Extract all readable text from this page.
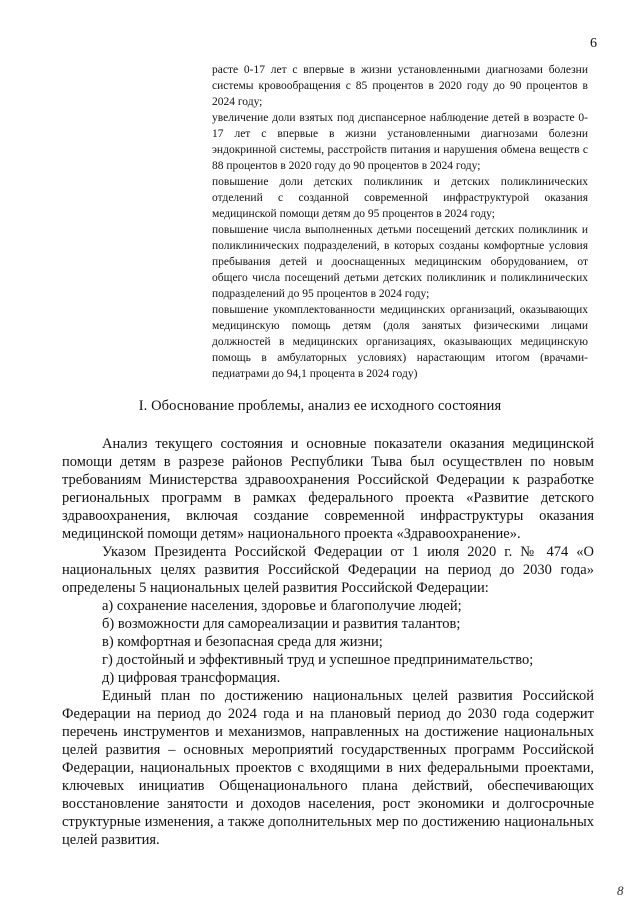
6

расте 0-17 лет с впервые в жизни установленными диагнозами болезни системы кровообращения с 85 процентов в 2020 году до 90 процентов в 2024 году;

увеличение доли взятых под диспансерное наблюдение детей в возрасте 0-17 лет с впервые в жизни установленными диагнозами болезни эндокринной системы, расстройств питания и нарушения обмена веществ с 88 процентов в 2020 году до 90 процентов в 2024 году;

повышение доли детских поликлиник и детских поликлинических отделений с созданной современной инфраструктурой оказания медицинской помощи детям до 95 процентов в 2024 году;

повышение числа выполненных детьми посещений детских поликлиник и поликлинических подразделений, в которых созданы комфортные условия пребывания детей и дооснащенных медицинским оборудованием, от общего числа посещений детьми детских поликлиник и поликлинических подразделений до 95 процентов в 2024 году;

повышение укомплектованности медицинских организаций, оказывающих медицинскую помощь детям (доля занятых физическими лицами должностей в медицинских организациях, оказывающих медицинскую помощь в амбулаторных условиях) нарастающим итогом (врачами-педиатрами до 94,1 процента в 2024 году)

I. Обоснование проблемы, анализ ее исходного состояния

Анализ текущего состояния и основные показатели оказания медицинской помощи детям в разрезе районов Республики Тыва был осуществлен по новым требованиям Министерства здравоохранения Российской Федерации к разработке региональных программ в рамках федерального проекта «Развитие детского здравоохранения, включая создание современной инфраструктуры оказания медицинской помощи детям» национального проекта «Здравоохранение».

Указом Президента Российской Федерации от 1 июля 2020 г. № 474 «О национальных целях развития Российской Федерации на период до 2030 года» определены 5 национальных целей развития Российской Федерации:

а) сохранение населения, здоровье и благополучие людей;

б) возможности для самореализации и развития талантов;

в) комфортная и безопасная среда для жизни;

г) достойный и эффективный труд и успешное предпринимательство;

д) цифровая трансформация.

Единый план по достижению национальных целей развития Российской Федерации на период до 2024 года и на плановый период до 2030 года содержит перечень инструментов и механизмов, направленных на достижение национальных целей развития – основных мероприятий государственных программ Российской Федерации, национальных проектов с входящими в них федеральными проектами, ключевых инициатив Общенационального плана действий, обеспечивающих восстановление занятости и доходов населения, рост экономики и долгосрочные структурные изменения, а также дополнительных мер по достижению национальных целей развития.

8
